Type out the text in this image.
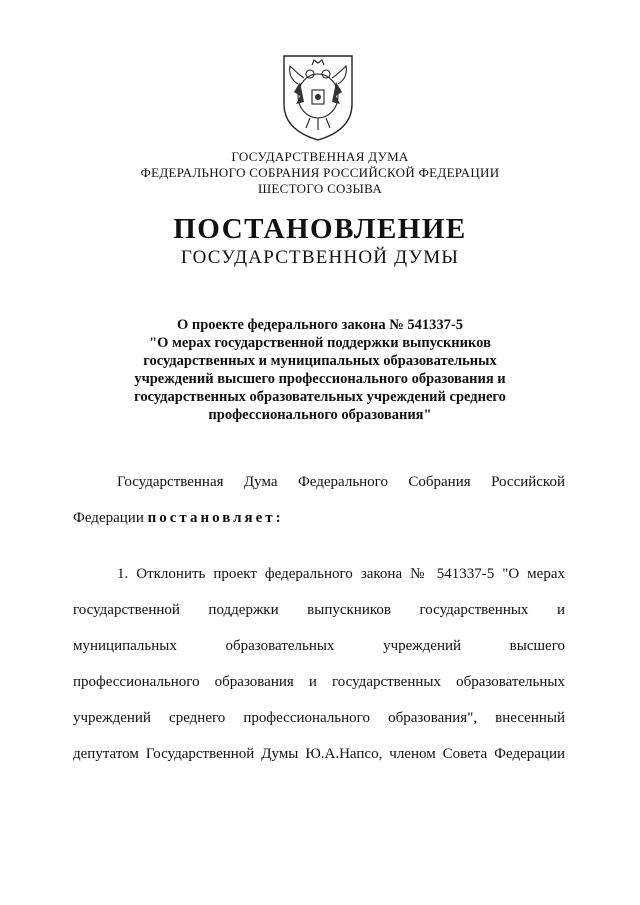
ГОСУДАРСТВЕННАЯ ДУМА
ФЕДЕРАЛЬНОГО СОБРАНИЯ РОССИЙСКОЙ ФЕДЕРАЦИИ
ШЕСТОГО СОЗЫВА
ПОСТАНОВЛЕНИЕ
ГОСУДАРСТВЕННОЙ ДУМЫ
О проекте федерального закона № 541337-5
"О мерах государственной поддержки выпускников
государственных и муниципальных образовательных
учреждений высшего профессионального образования и
государственных образовательных учреждений среднего
профессионального образования"
Государственная Дума Федерального Собрания Российской
Федерации постановляет:
1. Отклонить проект федерального закона № 541337-5 "О мерах
государственной поддержки выпускников государственных и
муниципальных образовательных учреждений высшего
профессионального образования и государственных образовательных
учреждений среднего профессионального образования", внесенный
депутатом Государственной Думы Ю.А.Напсо, членом Совета Федерации
